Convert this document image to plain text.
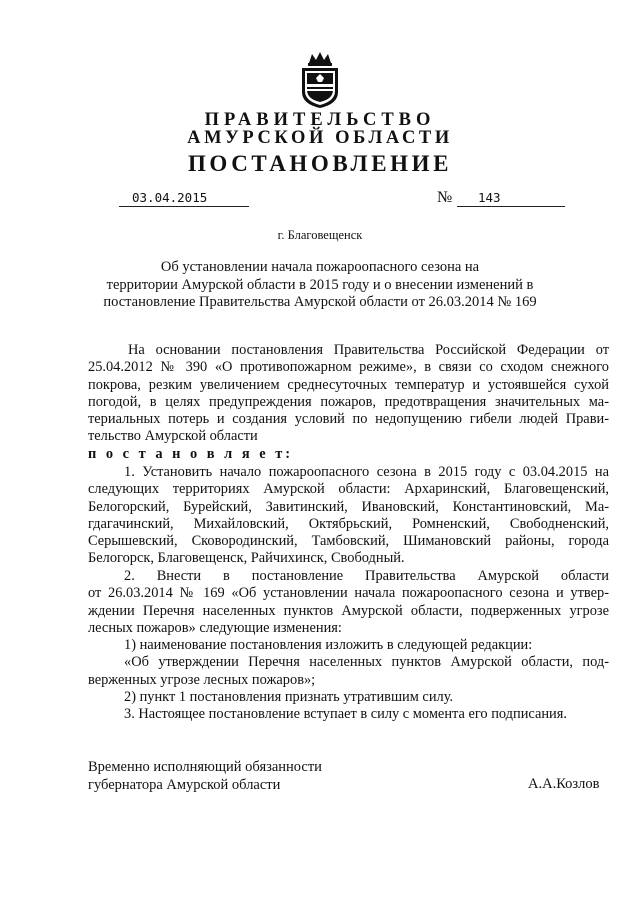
ПРАВИТЕЛЬСТВО
АМУРСКОЙ ОБЛАСТИ
ПОСТАНОВЛЕНИЕ
03.04.2015	№	143
г. Благовещенск
Об установлении начала пожароопасного сезона на
территории Амурской области в 2015 году и о внесении изменений в
постановление Правительства Амурской области от 26.03.2014 № 169

На основании постановления Правительства Российской Федерации от

25.04.2012 № 390 «О противопожарном режиме», в связи со сходом снежного

покрова, резким увеличением среднесуточных температур и устоявшейся сухой

погодой, в целях предупреждения пожаров, предотвращения значительных ма-

териальных потерь и создания условий по недопущению гибели людей Прави-

тельство Амурской области

п о с т а н о в л я е т:

1. Установить начало пожароопасного сезона в 2015 году с 03.04.2015 на

следующих территориях Амурской области: Архаринский, Благовещенский,

Белогорский, Бурейский, Завитинский, Ивановский, Константиновский, Ма-

гдагачинский, Михайловский, Октябрьский, Ромненский, Свободненский,

Серышевский, Сковородинский, Тамбовский, Шимановский районы, города

Белогорск, Благовещенск, Райчихинск, Свободный.

2. Внести в постановление Правительства Амурской области

от 26.03.2014 № 169 «Об установлении начала пожароопасного сезона и утвер-

ждении Перечня населенных пунктов Амурской области, подверженных угрозе

лесных пожаров» следующие изменения:

1) наименование постановления изложить в следующей редакции:

«Об утверждении Перечня населенных пунктов Амурской области, под-

верженных угрозе лесных пожаров»;

2) пункт 1 постановления признать утратившим силу.

3. Настоящее постановление вступает в силу с момента его подписания.

Временно исполняющий обязанности
губернатора Амурской области	А.А.Козлов
